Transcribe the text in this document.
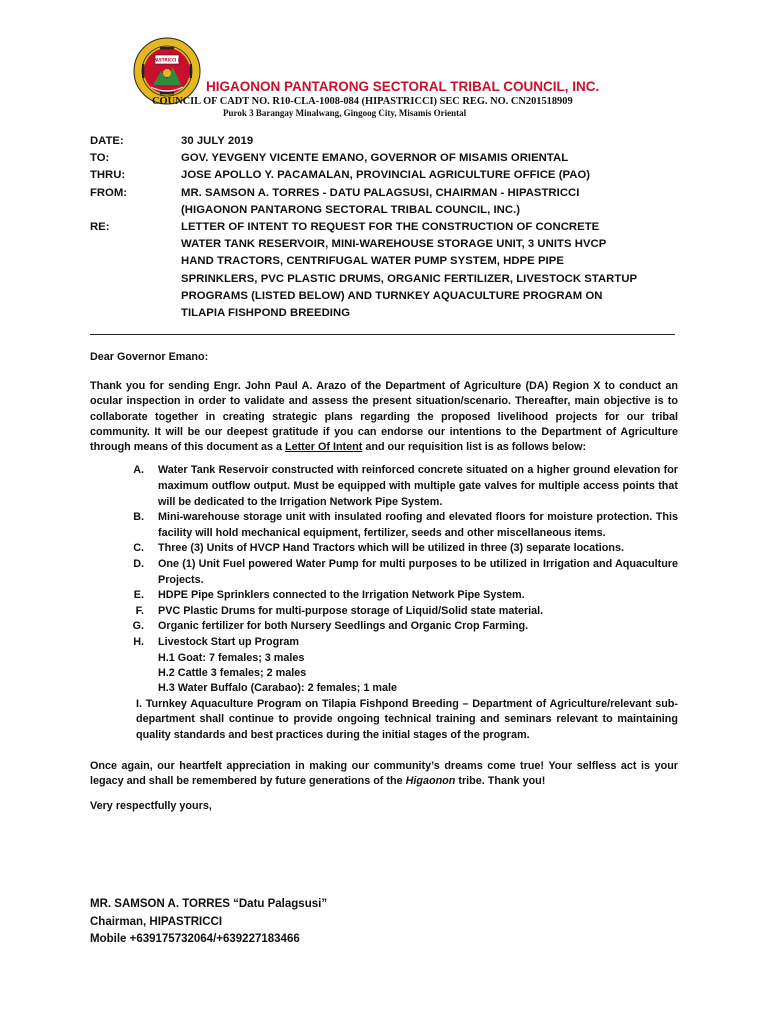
HIPASTRICCI INC
HIGAONON PANTARONG SECTORAL TRIBAL COUNCIL, INC.
COUNCIL OF CADT NO. R10-CLA-1008-084 (HIPASTRICCI) SEC REG. NO. CN201518909
Purok 3 Barangay Minalwang, Gingoog City, Misamis Oriental
DATE:	30 JULY 2019
TO:	GOV. YEVGENY VICENTE EMANO, GOVERNOR OF MISAMIS ORIENTAL
THRU:	JOSE APOLLO Y. PACAMALAN, PROVINCIAL AGRICULTURE OFFICE (PAO)
FROM:	MR. SAMSON A. TORRES - DATU PALAGSUSI, CHAIRMAN - HIPASTRICCI
(HIGAONON PANTARONG SECTORAL TRIBAL COUNCIL, INC.)
RE:	LETTER OF INTENT TO REQUEST FOR THE CONSTRUCTION OF CONCRETE
WATER TANK RESERVOIR, MINI-WAREHOUSE STORAGE UNIT, 3 UNITS HVCP
HAND TRACTORS, CENTRIFUGAL WATER PUMP SYSTEM, HDPE PIPE
SPRINKLERS, PVC PLASTIC DRUMS, ORGANIC FERTILIZER, LIVESTOCK STARTUP
PROGRAMS (LISTED BELOW) AND TURNKEY AQUACULTURE PROGRAM ON
TILAPIA FISHPOND BREEDING

Dear Governor Emano:

Thank you for sending Engr. John Paul A. Arazo of the Department of Agriculture (DA) Region X to conduct an ocular inspection in order to validate and assess the present situation/scenario. Thereafter, main objective is to collaborate together in creating strategic plans regarding the proposed livelihood projects for our tribal community. It will be our deepest gratitude if you can endorse our intentions to the Department of Agriculture through means of this document as a Letter Of Intent and our requisition list is as follows below:

A.	Water Tank Reservoir constructed with reinforced concrete situated on a higher ground elevation for maximum outflow output. Must be equipped with multiple gate valves for multiple access points that will be dedicated to the Irrigation Network Pipe System.
B.	Mini-warehouse storage unit with insulated roofing and elevated floors for moisture protection. This facility will hold mechanical equipment, fertilizer, seeds and other miscellaneous items.
C.	Three (3) Units of HVCP Hand Tractors which will be utilized in three (3) separate locations.
D.	One (1) Unit Fuel powered Water Pump for multi purposes to be utilized in Irrigation and Aquaculture Projects.
E.	HDPE Pipe Sprinklers connected to the Irrigation Network Pipe System.
F.	PVC Plastic Drums for multi-purpose storage of Liquid/Solid state material.
G.	Organic fertilizer for both Nursery Seedlings and Organic Crop Farming.
H.	Livestock Start up Program
H.1 Goat: 7 females; 3 males
H.2 Cattle 3 females; 2 males
H.3 Water Buffalo (Carabao): 2 females; 1 male
I. Turnkey Aquaculture Program on Tilapia Fishpond Breeding – Department of Agriculture/relevant sub-department shall continue to provide ongoing technical training and seminars relevant to maintaining quality standards and best practices during the initial stages of the program.

Once again, our heartfelt appreciation in making our community’s dreams come true! Your selfless act is your legacy and shall be remembered by future generations of the Higaonon tribe. Thank you!

Very respectfully yours,

MR. SAMSON A. TORRES “Datu Palagsusi”
Chairman, HIPASTRICCI
Mobile +639175732064/+639227183466
